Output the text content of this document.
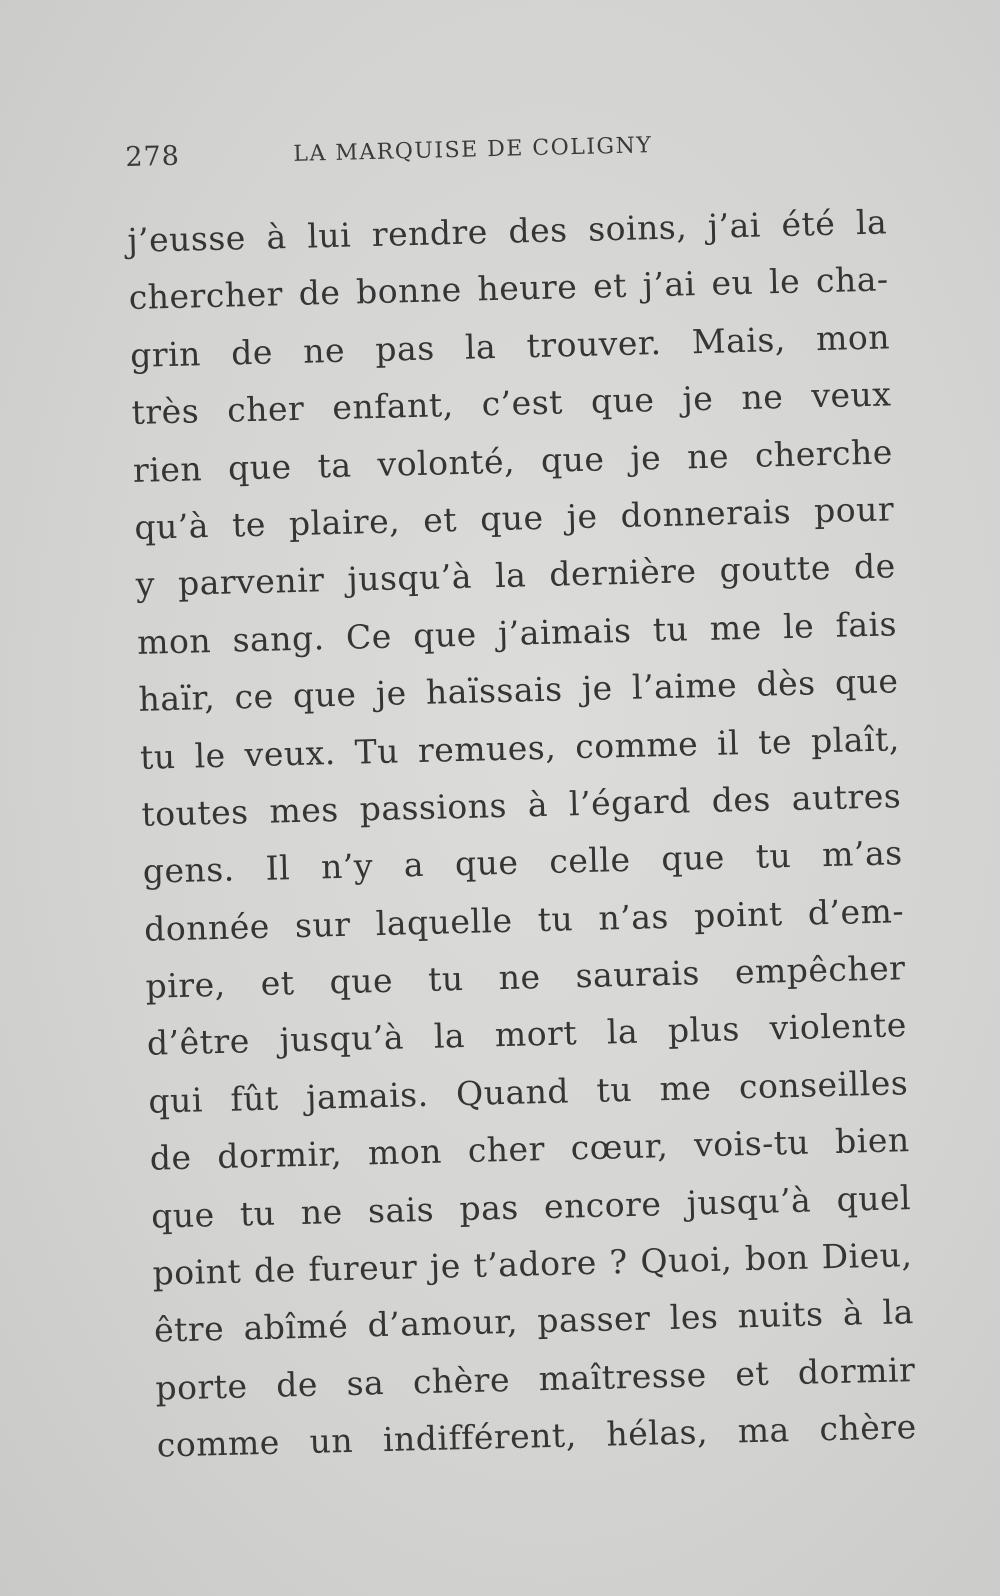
278	LA MARQUISE DE COLIGNY
j’eusse à lui rendre des soins, j’ai été la
chercher de bonne heure et j’ai eu le cha-
grin de ne pas la trouver. Mais, mon
très cher enfant, c’est que je ne veux
rien que ta volonté, que je ne cherche
qu’à te plaire, et que je donnerais pour
y parvenir jusqu’à la dernière goutte de
mon sang. Ce que j’aimais tu me le fais
haïr, ce que je haïssais je l’aime dès que
tu le veux. Tu remues, comme il te plaît,
toutes mes passions à l’égard des autres
gens. Il n’y a que celle que tu m’as
donnée sur laquelle tu n’as point d’em-
pire, et que tu ne saurais empêcher
d’être jusqu’à la mort la plus violente
qui fût jamais. Quand tu me conseilles
de dormir, mon cher cœur, vois-tu bien
que tu ne sais pas encore jusqu’à quel
point de fureur je t’adore ? Quoi, bon Dieu,
être abîmé d’amour, passer les nuits à la
porte de sa chère maîtresse et dormir
comme un indifférent, hélas, ma chère
